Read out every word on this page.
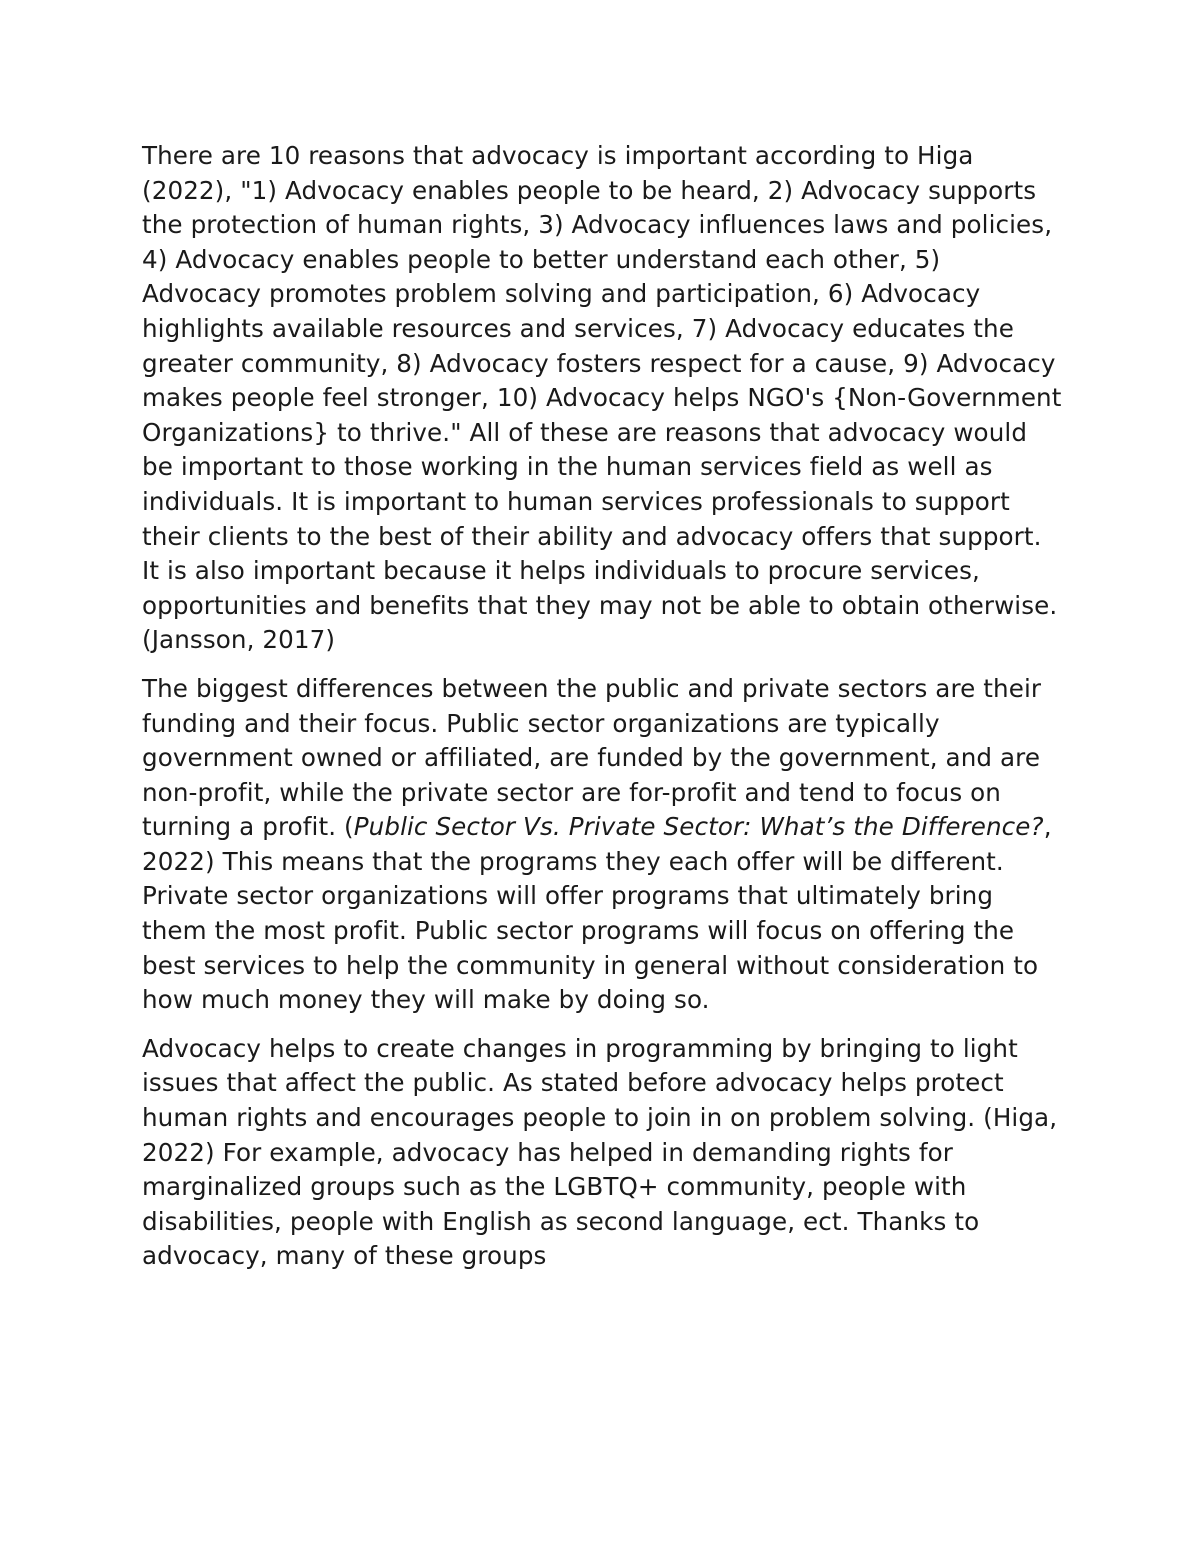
There are 10 reasons that advocacy is important according to Higa (2022), "1) Advocacy enables people to be heard, 2) Advocacy supports the protection of human rights, 3) Advocacy influences laws and policies, 4) Advocacy enables people to better understand each other, 5) Advocacy promotes problem solving and participation, 6) Advocacy highlights available resources and services, 7) Advocacy educates the greater community, 8) Advocacy fosters respect for a cause, 9) Advocacy makes people feel stronger, 10) Advocacy helps NGO's {Non-Government Organizations} to thrive." All of these are reasons that advocacy would be important to those working in the human services field as well as individuals. It is important to human services professionals to support their clients to the best of their ability and advocacy offers that support. It is also important because it helps individuals to procure services, opportunities and benefits that they may not be able to obtain otherwise. (Jansson, 2017)

The biggest differences between the public and private sectors are their funding and their focus. Public sector organizations are typically government owned or affiliated, are funded by the government, and are non-profit, while the private sector are for-profit and tend to focus on turning a profit. (Public Sector Vs. Private Sector: What’s the Difference?, 2022) This means that the programs they each offer will be different. Private sector organizations will offer programs that ultimately bring them the most profit. Public sector programs will focus on offering the best services to help the community in general without consideration to how much money they will make by doing so.

Advocacy helps to create changes in programming by bringing to light issues that affect the public. As stated before advocacy helps protect human rights and encourages people to join in on problem solving. (Higa, 2022) For example, advocacy has helped in demanding rights for marginalized groups such as the LGBTQ+ community, people with disabilities, people with English as second language, ect. Thanks to advocacy, many of these groups
